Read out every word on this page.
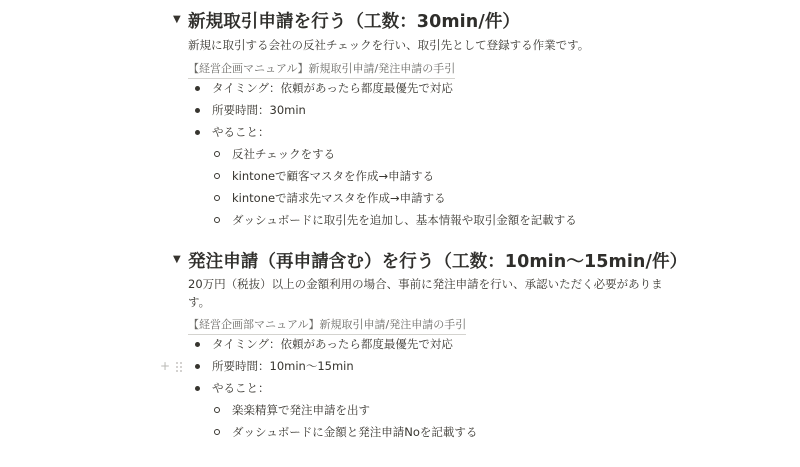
▼ 新規取引申請を行う（工数：30min/件）
新規に取引する会社の反社チェックを行い、取引先として登録する作業です。
【経営企画マニュアル】新規取引申請/発注申請の手引
タイミング：依頼があったら都度最優先で対応
所要時間：30min
やること：
反社チェックをする
kintoneで顧客マスタを作成→申請する
kintoneで請求先マスタを作成→申請する
ダッシュボードに取引先を追加し、基本情報や取引金額を記載する
▼ 発注申請（再申請含む）を行う（工数：10min〜15min/件）
20万円（税抜）以上の金額利用の場合、事前に発注申請を行い、承認いただく必要がありま
す。
【経営企画部マニュアル】新規取引申請/発注申請の手引
タイミング：依頼があったら都度最優先で対応
+	所要時間：10min〜15min
やること：
楽楽精算で発注申請を出す
ダッシュボードに金額と発注申請Noを記載する
